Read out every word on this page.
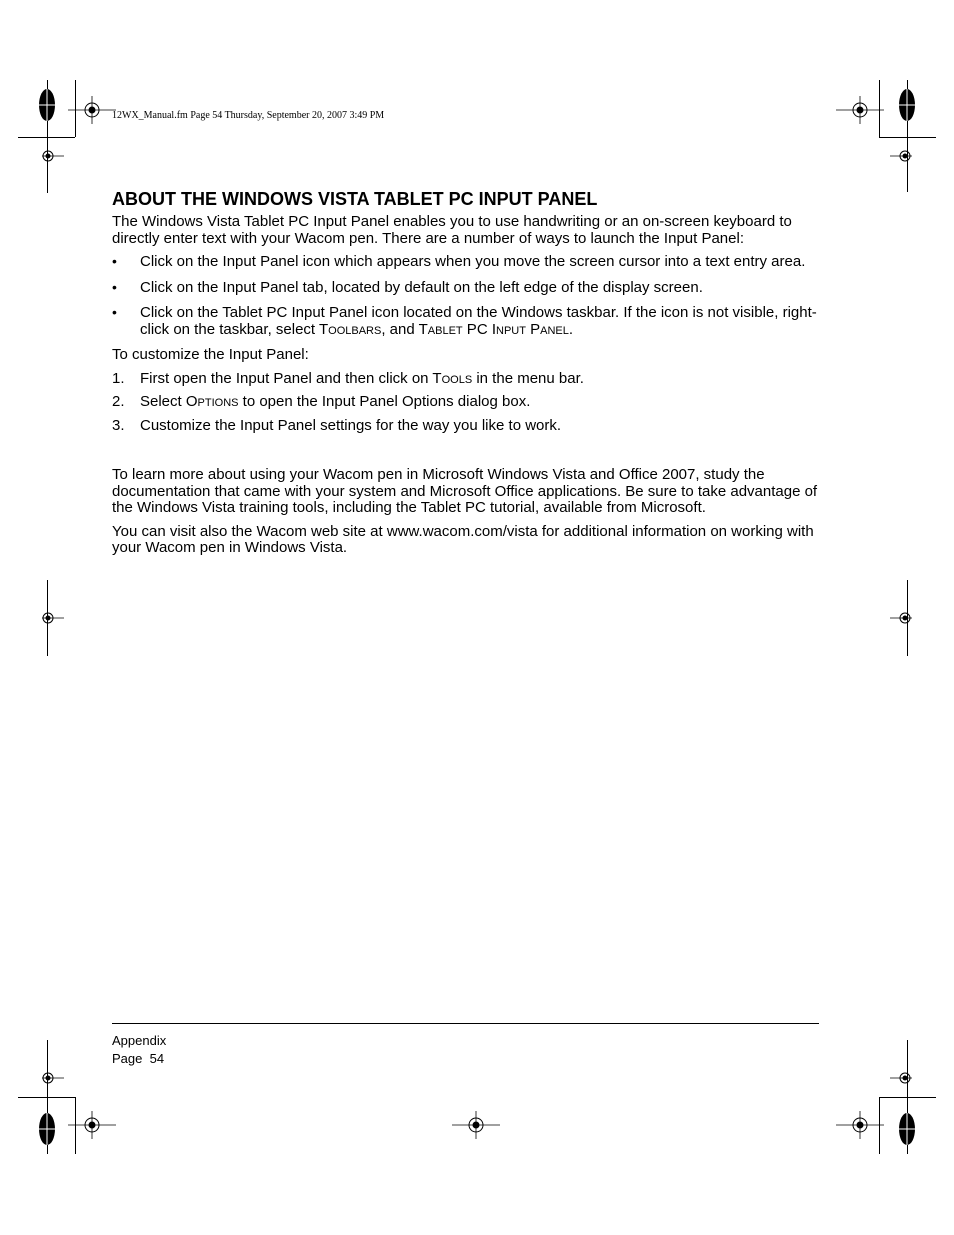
12WX_Manual.fm Page 54 Thursday, September 20, 2007 3:49 PM
ABOUT THE WINDOWS VISTA TABLET PC INPUT PANEL

The Windows Vista Tablet PC Input Panel enables you to use handwriting or an on-screen keyboard to directly enter text with your Wacom pen. There are a number of ways to launch the Input Panel:

• Click on the Input Panel icon which appears when you move the screen cursor into a text entry area.
• Click on the Input Panel tab, located by default on the left edge of the display screen.
• Click on the Tablet PC Input Panel icon located on the Windows taskbar. If the icon is not visible, right-click on the taskbar, select TOOLBARS, and TABLET PC INPUT PANEL.

To customize the Input Panel:

1. First open the Input Panel and then click on TOOLS in the menu bar.
2. Select OPTIONS to open the Input Panel Options dialog box.
3. Customize the Input Panel settings for the way you like to work.

To learn more about using your Wacom pen in Microsoft Windows Vista and Office 2007, study the documentation that came with your system and Microsoft Office applications. Be sure to take advantage of the Windows Vista training tools, including the Tablet PC tutorial, available from Microsoft.

You can visit also the Wacom web site at www.wacom.com/vista for additional information on working with your Wacom pen in Windows Vista.

Appendix
Page  54
